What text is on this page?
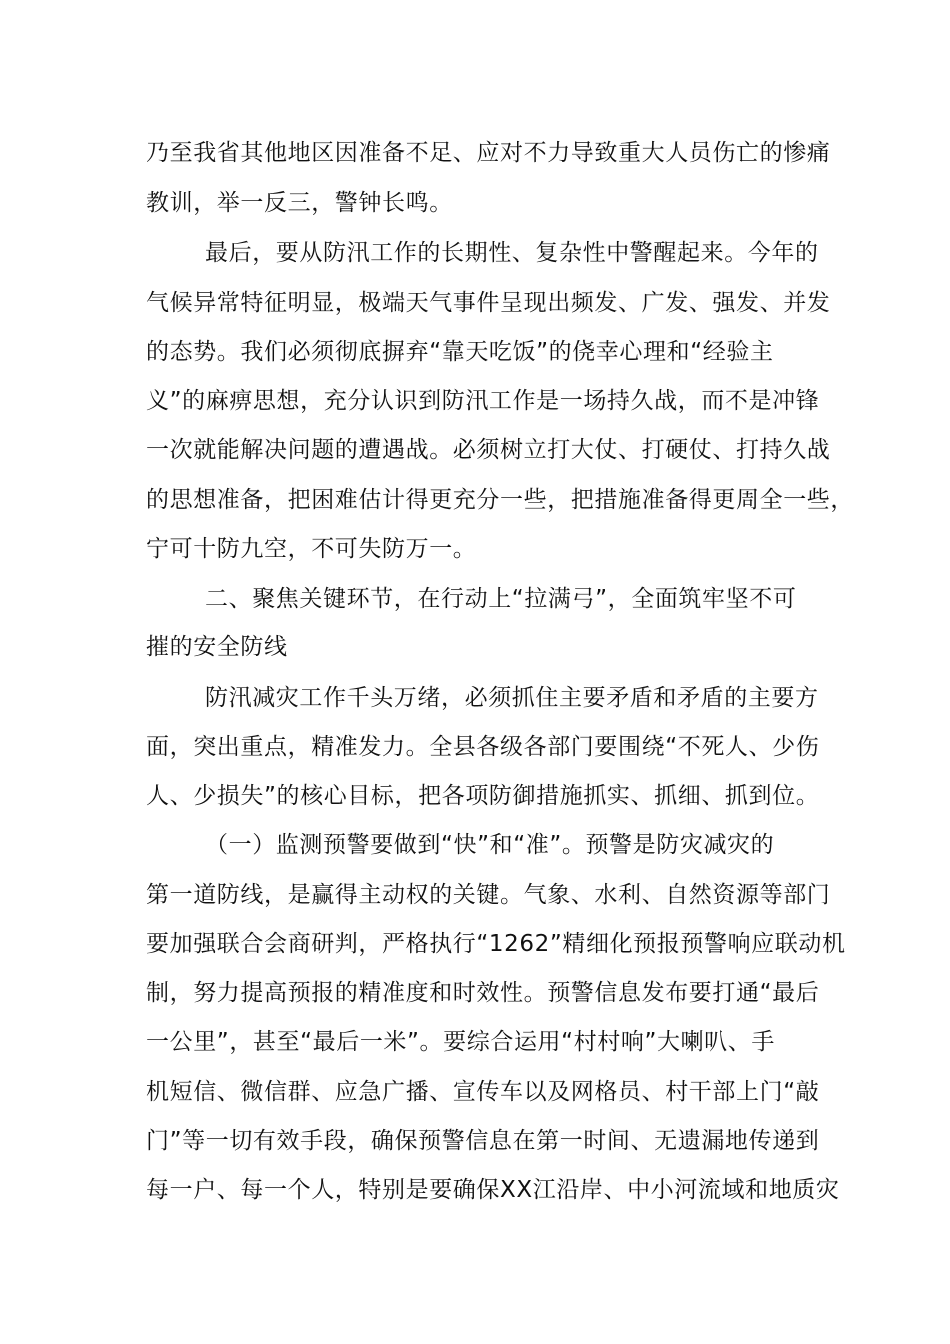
乃至我省其他地区因准备不足、应对不力导致重大人员伤亡的惨痛
教训，举一反三，警钟长鸣。
最后，要从防汛工作的长期性、复杂性中警醒起来。今年的
气候异常特征明显，极端天气事件呈现出频发、广发、强发、并发
的态势。我们必须彻底摒弃“靠天吃饭”的侥幸心理和“经验主
义”的麻痹思想，充分认识到防汛工作是一场持久战，而不是冲锋
一次就能解决问题的遭遇战。必须树立打大仗、打硬仗、打持久战
的思想准备，把困难估计得更充分一些，把措施准备得更周全一些，
宁可十防九空，不可失防万一。
二、聚焦关键环节，在行动上“拉满弓”，全面筑牢坚不可
摧的安全防线
防汛减灾工作千头万绪，必须抓住主要矛盾和矛盾的主要方
面，突出重点，精准发力。全县各级各部门要围绕“不死人、少伤
人、少损失”的核心目标，把各项防御措施抓实、抓细、抓到位。
（一）监测预警要做到“快”和“准”。预警是防灾减灾的
第一道防线，是赢得主动权的关键。气象、水利、自然资源等部门
要加强联合会商研判，严格执行“1262”精细化预报预警响应联动机
制，努力提高预报的精准度和时效性。预警信息发布要打通“最后
一公里”，甚至“最后一米”。要综合运用“村村响”大喇叭、手
机短信、微信群、应急广播、宣传车以及网格员、村干部上门“敲
门”等一切有效手段，确保预警信息在第一时间、无遗漏地传递到
每一户、每一个人，特别是要确保XX江沿岸、中小河流域和地质灾
